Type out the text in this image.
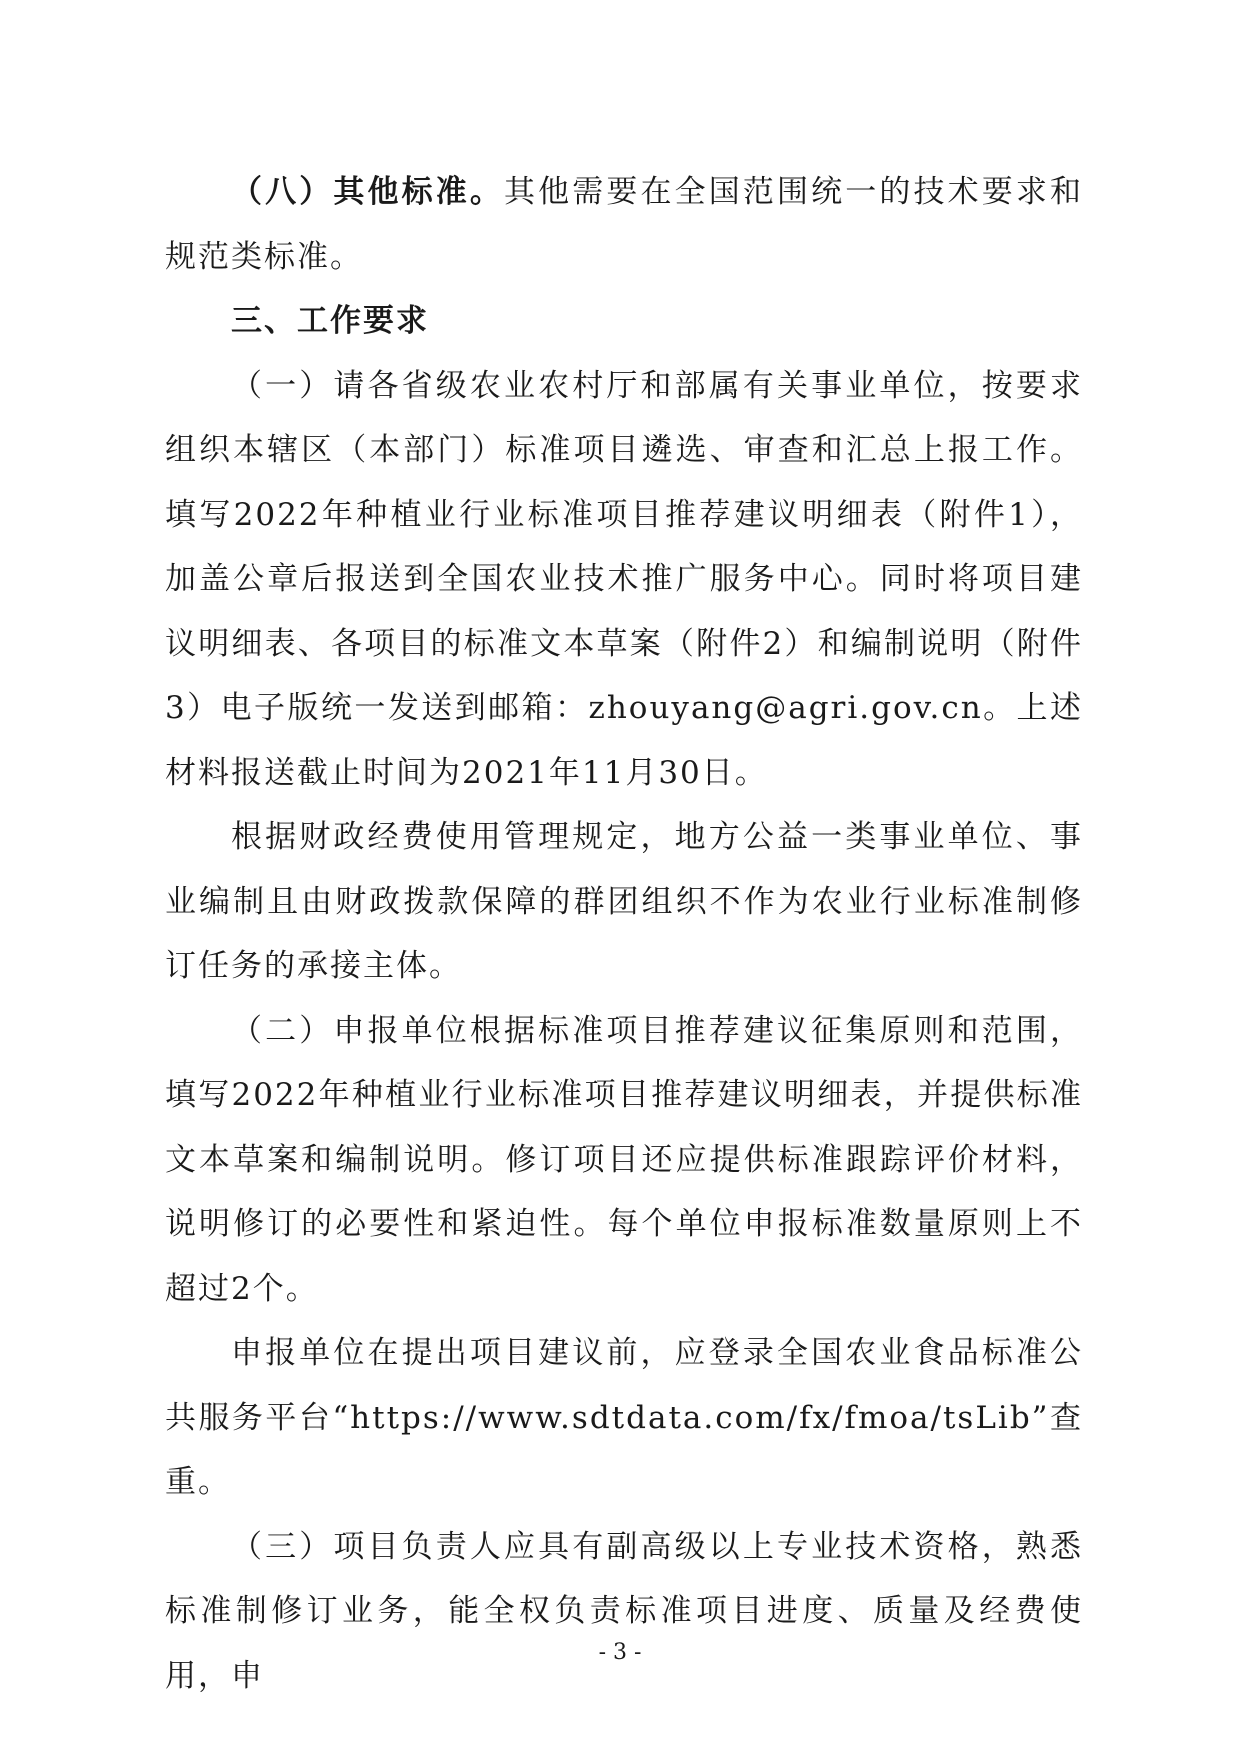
（八）其他标准。其他需要在全国范围统一的技术要求和规范类标准。

三、工作要求

（一）请各省级农业农村厅和部属有关事业单位，按要求组织本辖区（本部门）标准项目遴选、审查和汇总上报工作。填写2022年种植业行业标准项目推荐建议明细表（附件1），加盖公章后报送到全国农业技术推广服务中心。同时将项目建议明细表、各项目的标准文本草案（附件2）和编制说明（附件3）电子版统一发送到邮箱：zhouyang@agri.gov.cn。上述材料报送截止时间为2021年11月30日。

根据财政经费使用管理规定，地方公益一类事业单位、事业编制且由财政拨款保障的群团组织不作为农业行业标准制修订任务的承接主体。

（二）申报单位根据标准项目推荐建议征集原则和范围，填写2022年种植业行业标准项目推荐建议明细表，并提供标准文本草案和编制说明。修订项目还应提供标准跟踪评价材料，说明修订的必要性和紧迫性。每个单位申报标准数量原则上不超过2个。

申报单位在提出项目建议前，应登录全国农业食品标准公共服务平台“https://www.sdtdata.com/fx/fmoa/tsLib”查重。

（三）项目负责人应具有副高级以上专业技术资格，熟悉标准制修订业务，能全权负责标准项目进度、质量及经费使用，申

- 3 -
